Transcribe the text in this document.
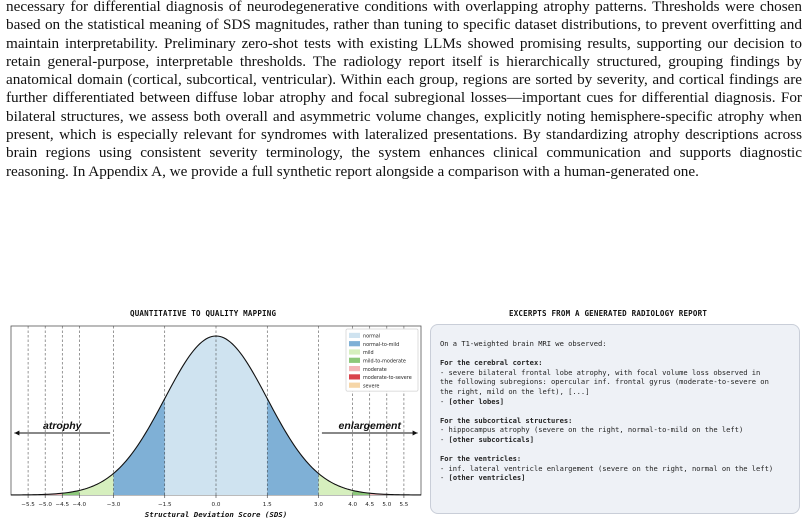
necessary for differential diagnosis of neurodegenerative conditions with overlapping atrophy patterns. Thresholds were chosen based on the statistical meaning of SDS magnitudes, rather than tuning to specific dataset distributions, to prevent overfitting and maintain interpretability. Preliminary zero-shot tests with existing LLMs showed promising results, supporting our decision to retain general-purpose, interpretable thresholds. The radiology report itself is hierarchically structured, grouping findings by anatomical domain (cortical, subcortical, ventricular). Within each group, regions are sorted by severity, and cortical findings are further differentiated between diffuse lobar atrophy and focal subregional losses—important cues for differential diagnosis. For bilateral structures, we assess both overall and asymmetric volume changes, explicitly noting hemisphere-specific atrophy when present, which is especially relevant for syndromes with lateralized presentations. By standardizing atrophy descriptions across brain regions using consistent severity terminology, the system enhances clinical communication and supports diagnostic reasoning. In Appendix A, we provide a full synthetic report alongside a comparison with a human-generated one.

QUANTITATIVE TO QUALITY MAPPING	EXCERPTS FROM A GENERATED RADIOLOGY REPORT
−5.5 −5.0 −4.5 −4.0	−3.0	−1.5	0.0	1.5	3.0	4.0 4.5 5.0 5.5
Structural Deviation Score (SDS)
atrophy	enlargement
normal
normal-to-mild
mild
mild-to-moderate
moderate
moderate-to-severe
severe
On a T1-weighted brain MRI we observed:
For the cerebral cortex:
- severe bilateral frontal lobe atrophy, with focal volume loss observed in
the following subregions: opercular inf. frontal gyrus (moderate-to-severe on
the right, mild on the left), [...]
- [other lobes]
For the subcortical structures:
- hippocampus atrophy (severe on the right, normal-to-mild on the left)
- [other subcorticals]
For the ventricles:
- inf. lateral ventricle enlargement (severe on the right, normal on the left)
- [other ventricles]
